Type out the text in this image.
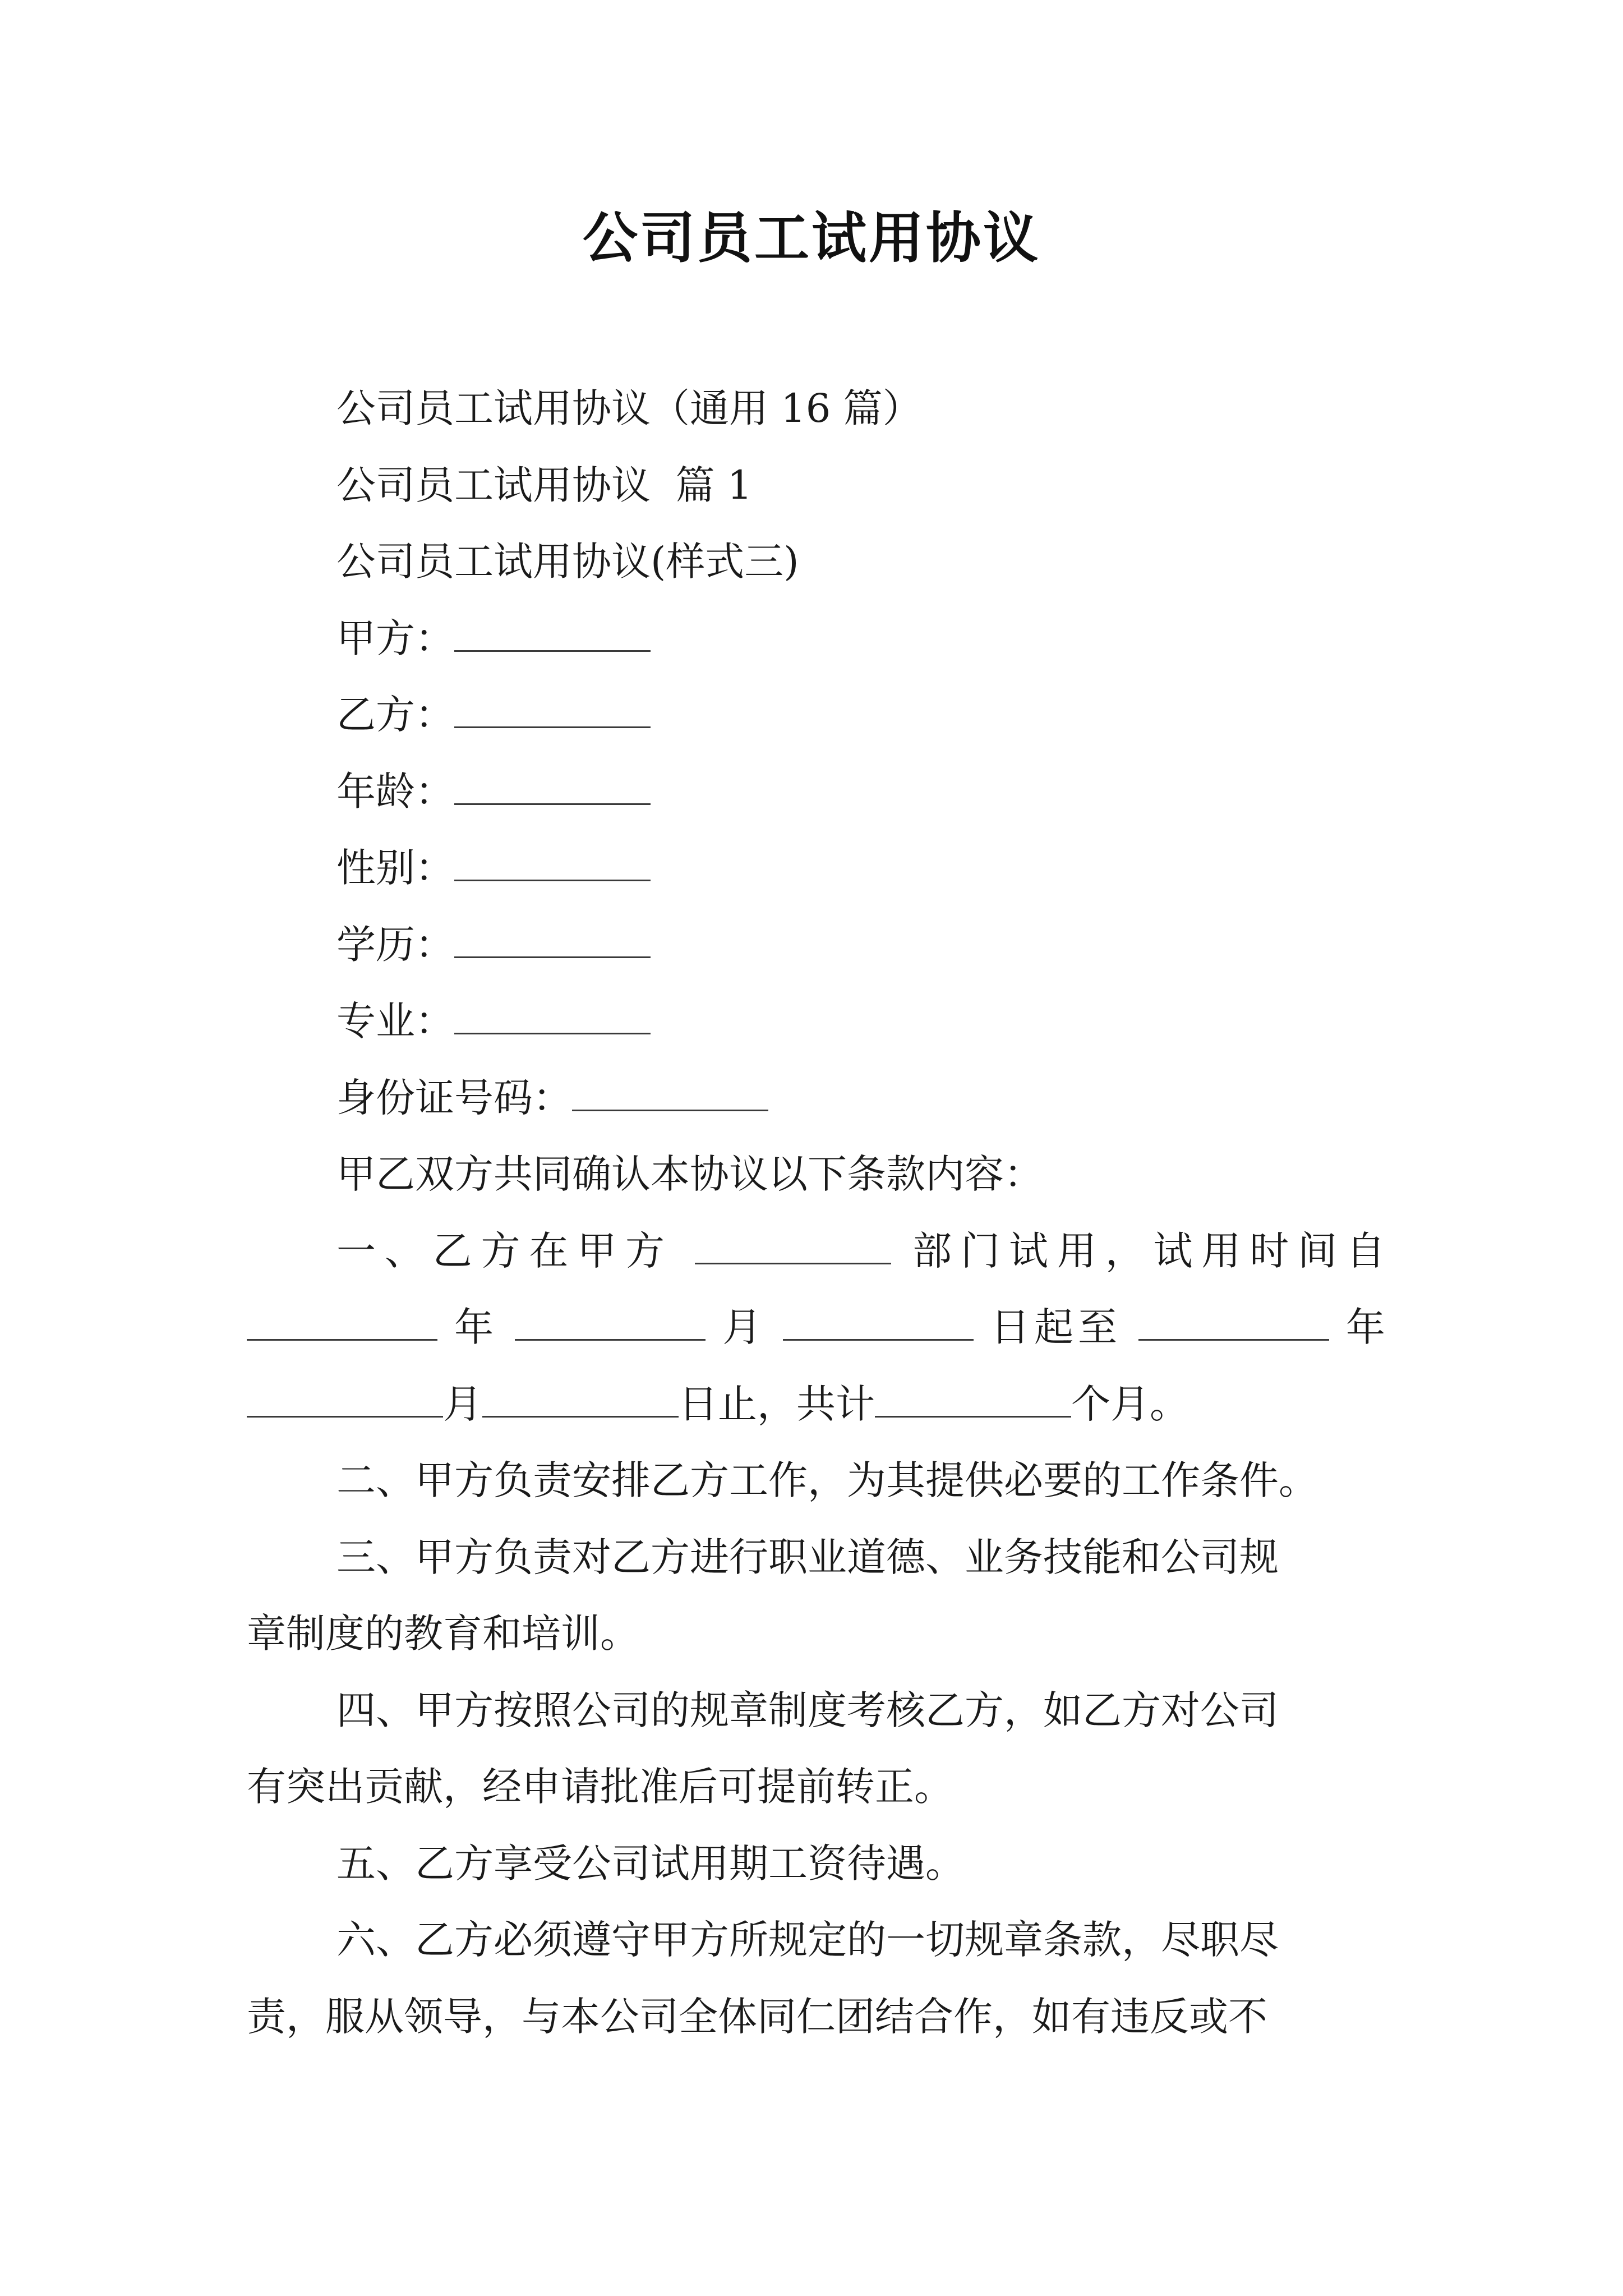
公司员工试用协议
公司员工试用协议（通用 16 篇）
公司员工试用协议  篇 1
公司员工试用协议(样式三)
甲方：
乙方：
年龄：
性别：
学历：
专业：
身份证号码：
甲乙双方共同确认本协议以下条款内容：
一、乙方在甲方	部门试用，试用时间自
年	月	日起至	年
月	日止，共计	个月。
二、甲方负责安排乙方工作，为其提供必要的工作条件。
三、甲方负责对乙方进行职业道德、业务技能和公司规
章制度的教育和培训。
四、甲方按照公司的规章制度考核乙方，如乙方对公司
有突出贡献，经申请批准后可提前转正。
五、乙方享受公司试用期工资待遇。
六、乙方必须遵守甲方所规定的一切规章条款，尽职尽
责，服从领导，与本公司全体同仁团结合作，如有违反或不
